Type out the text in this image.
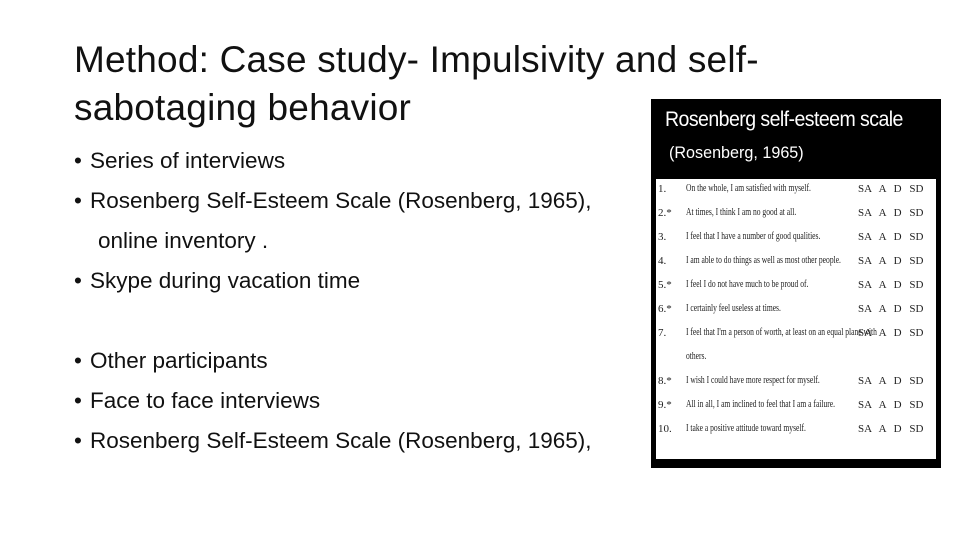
Method: Case study- Impulsivity and self-sabotaging behavior
• Series of interviews
• Rosenberg Self-Esteem Scale (Rosenberg, 1965),
online inventory .
• Skype during vacation time
• Other participants
• Face to face interviews
• Rosenberg Self-Esteem Scale (Rosenberg, 1965),
Rosenberg self-esteem scale
(Rosenberg, 1965)
1. On the whole, I am satisfied with myself.	SA A D SD
2.* At times, I think I am no good at all.	SA A D SD
3. I feel that I have a number of good qualities.	SA A D SD
4. I am able to do things as well as most other people. SA A D SD
5.* I feel I do not have much to be proud of.	SA A D SD
6.* I certainly feel useless at times.	SA A D SD
7. I feel that I'm a person of worth, at least on an equal plane with
SA A D SD
others.
8.* I wish I could have more respect for myself.	SA A D SD
9.* All in all, I am inclined to feel that I am a failure. SA A D SD
10. I take a positive attitude toward myself.	SA A D SD
